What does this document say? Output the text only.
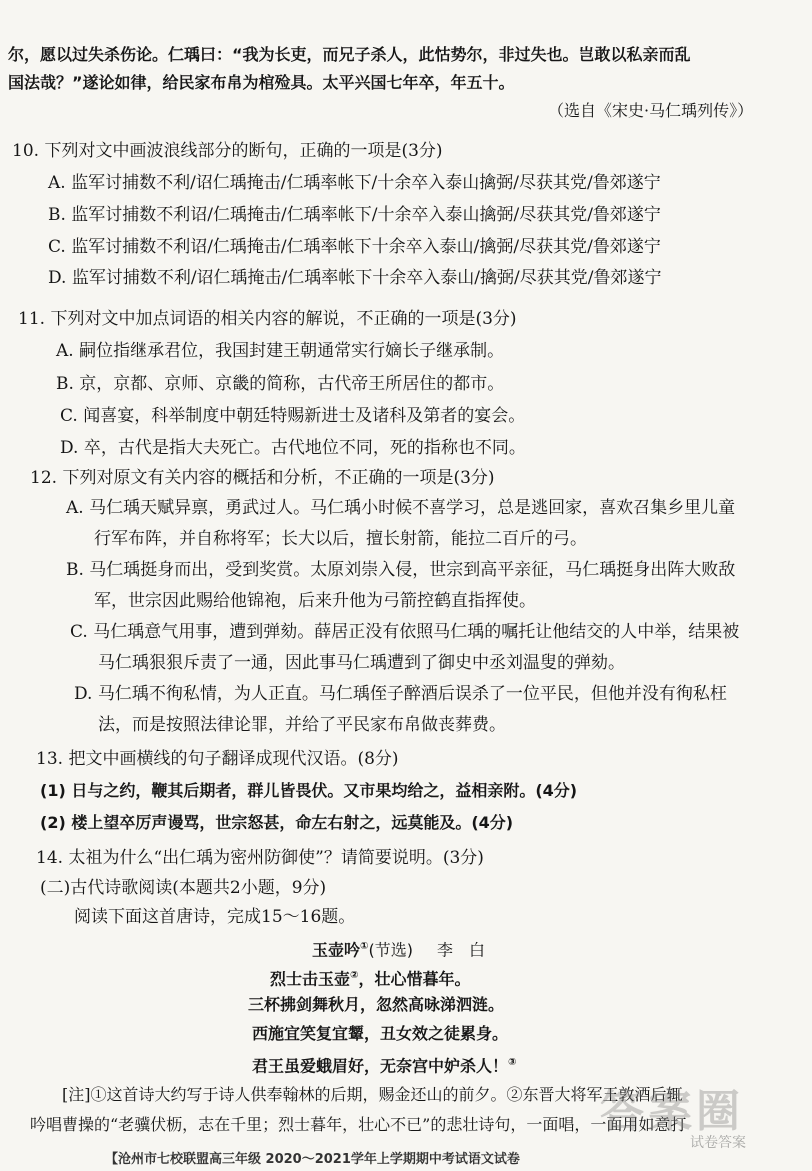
尔，愿以过失杀伤论。仁瑀曰：“我为长吏，而兄子杀人，此怙势尔，非过失也。岂敢以私亲而乱
国法哉？”遂论如律，给民家布帛为棺殓具。太平兴国七年卒，年五十。
（选自《宋史·马仁瑀列传》）
10. 下列对文中画波浪线部分的断句，正确的一项是(3分)
A. 监军讨捕数不利/诏仁瑀掩击/仁瑀率帐下/十余卒入泰山擒弼/尽获其党/鲁郊遂宁
B. 监军讨捕数不利诏/仁瑀掩击/仁瑀率帐下/十余卒入泰山擒弼/尽获其党/鲁郊遂宁
C. 监军讨捕数不利诏/仁瑀掩击/仁瑀率帐下十余卒入泰山/擒弼/尽获其党/鲁郊遂宁
D. 监军讨捕数不利/诏仁瑀掩击/仁瑀率帐下十余卒入泰山/擒弼/尽获其党/鲁郊遂宁
11. 下列对文中加点词语的相关内容的解说，不正确的一项是(3分)
A. 嗣位指继承君位，我国封建王朝通常实行嫡长子继承制。
B. 京，京都、京师、京畿的简称，古代帝王所居住的都市。
C. 闻喜宴，科举制度中朝廷特赐新进士及诸科及第者的宴会。
D. 卒，古代是指大夫死亡。古代地位不同，死的指称也不同。
12. 下列对原文有关内容的概括和分析，不正确的一项是(3分)
A. 马仁瑀天赋异禀，勇武过人。马仁瑀小时候不喜学习，总是逃回家，喜欢召集乡里儿童
行军布阵，并自称将军；长大以后，擅长射箭，能拉二百斤的弓。
B. 马仁瑀挺身而出，受到奖赏。太原刘崇入侵，世宗到高平亲征，马仁瑀挺身出阵大败敌
军，世宗因此赐给他锦袍，后来升他为弓箭控鹤直指挥使。
C. 马仁瑀意气用事，遭到弹劾。薛居正没有依照马仁瑀的嘱托让他结交的人中举，结果被
马仁瑀狠狠斥责了一通，因此事马仁瑀遭到了御史中丞刘温叟的弹劾。
D. 马仁瑀不徇私情，为人正直。马仁瑀侄子醉酒后误杀了一位平民，但他并没有徇私枉
法，而是按照法律论罪，并给了平民家布帛做丧葬费。
13. 把文中画横线的句子翻译成现代汉语。(8分)
(1) 日与之约，鞭其后期者，群儿皆畏伏。又市果均给之，益相亲附。(4分)
(2) 楼上望卒厉声谩骂，世宗怒甚，命左右射之，远莫能及。(4分)
14. 太祖为什么“出仁瑀为密州防御使”？请简要说明。(3分)
(二)古代诗歌阅读(本题共2小题，9分)
阅读下面这首唐诗，完成15～16题。
玉壶吟①(节选) 李　白
烈士击玉壶②，壮心惜暮年。
三杯拂剑舞秋月，忽然高咏涕泗涟。
西施宜笑复宜颦，丑女效之徒累身。
君王虽爱蛾眉好，无奈宫中妒杀人！③
[注]①这首诗大约写于诗人供奉翰林的后期，赐金还山的前夕。②东晋大将军王敦酒后辄
吟唱曹操的“老骥伏枥，志在千里；烈士暮年，壮心不已”的悲壮诗句，一面唱，一面用如意打
【沧州市七校联盟高三年级 2020～2021学年上学期期中考试语文试卷
答案圈
试卷答案
